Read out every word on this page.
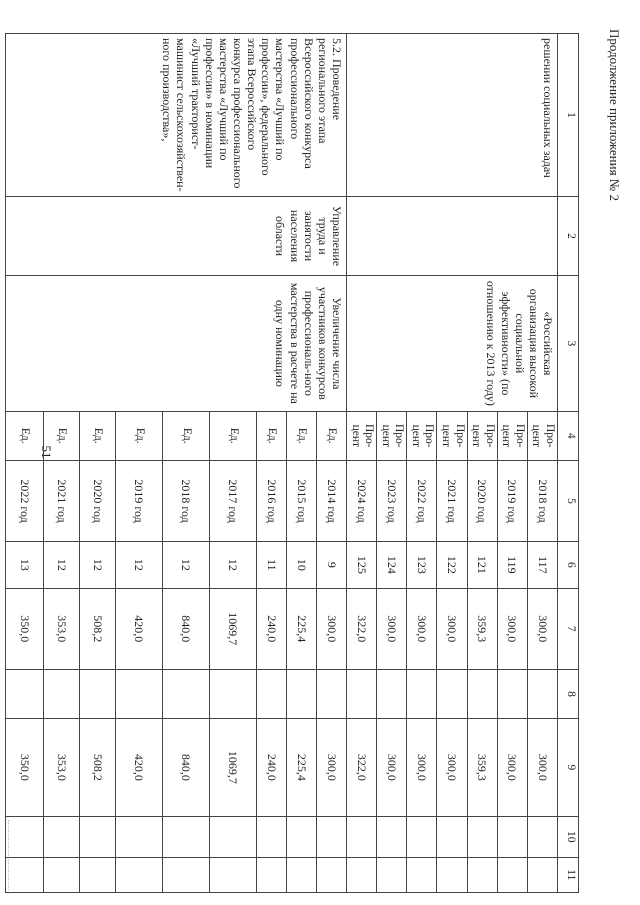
51
Продолжение приложения № 2
1	2	3	4	5	6	7	8	9	10	11
решении социальных задач		«Российская организация высокой социальной эффективности» (по отношению к 2013 году)	Про-цент	2018 год	117	300,0		300,0		
			Про-цент	2019 год	119	300,0		300,0		
			Про-цент	2020 год	121	359,3		359,3		
			Про-цент	2021 год	122	300,0		300,0		
			Про-цент	2022 год	123	300,0		300,0		
			Про-цент	2023 год	124	300,0		300,0		
			Про-цент	2024 год	125	322,0		322,0		
5.2. Проведение регионального этапа Всероссийского конкурса профессионального мастерства «Лучший по профессии», федерального этапа Всероссийского конкурса профессионального мастерства «Лучший по профессии» в номинации «Лучший тракторист-машинист сельскохозяйствен-ного производства»,	Управление труда и занятости населения области	Увеличение числа участников конкурсов профессиональ-ного мастерства в расчете на одну номинацию	Ед.	2014 год	9	300,0		300,0		
			Ед.	2015 год	10	225,4		225,4		
			Ед.	2016 год	11	240,0		240,0		
			Ед.	2017 год	12	1069,7		1069,7		
			Ед.	2018 год	12	840,0		840,0		
			Ед.	2019 год	12	420,0		420,0		
			Ед.	2020 год	12	508,2		508,2		
			Ед.	2021 год	12	353,0		353,0		
			Ед.	2022 год	13	350,0		350,0		
